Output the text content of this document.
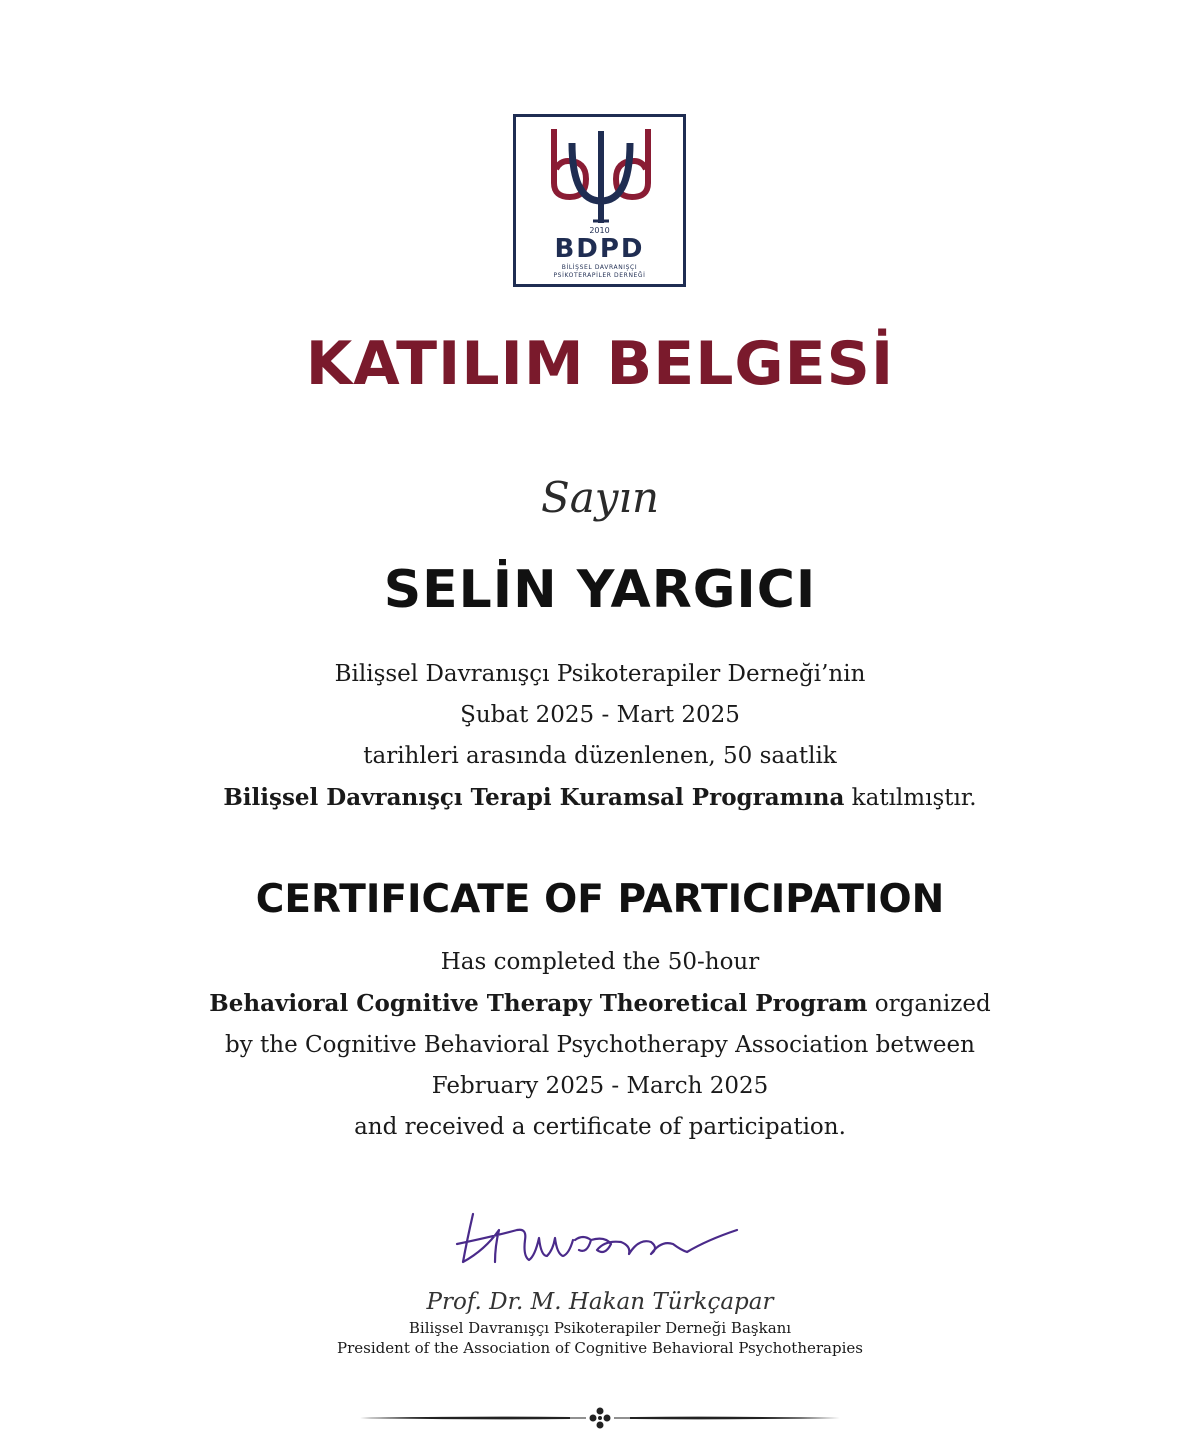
2010
BDPD
BİLİŞSEL DAVRANIŞÇI
PSİKOTERAPİLER DERNEĞİ
KATILIM BELGESİ
Sayın
SELİN YARGICI
Bilişsel Davranışçı Psikoterapiler Derneği’nin
Şubat 2025 - Mart 2025
tarihleri arasında düzenlenen, 50 saatlik
Bilişsel Davranışçı Terapi Kuramsal Programına katılmıştır.
CERTIFICATE OF PARTICIPATION
Has completed the 50-hour
Behavioral Cognitive Therapy Theoretical Program organized
by the Cognitive Behavioral Psychotherapy Association between
February 2025 - March 2025
and received a certificate of participation.
Prof. Dr. M. Hakan Türkçapar
Bilişsel Davranışçı Psikoterapiler Derneği Başkanı
President of the Association of Cognitive Behavioral Psychotherapies
